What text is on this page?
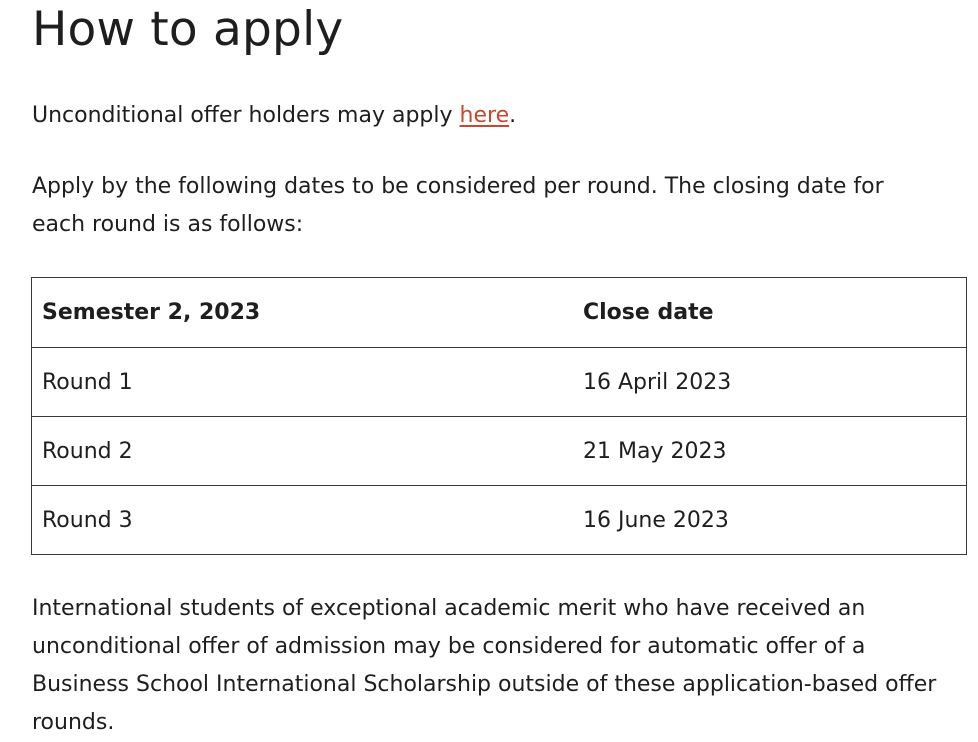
How to apply

Unconditional offer holders may apply here.

Apply by the following dates to be considered per round. The closing date for each round is as follows:

International students of exceptional academic merit who have received an unconditional offer of admission may be considered for automatic offer of a Business School International Scholarship outside of these application-based offer rounds.

Semester 2, 2023	Close date
Round 1	16 April 2023
Round 2	21 May 2023
Round 3	16 June 2023
